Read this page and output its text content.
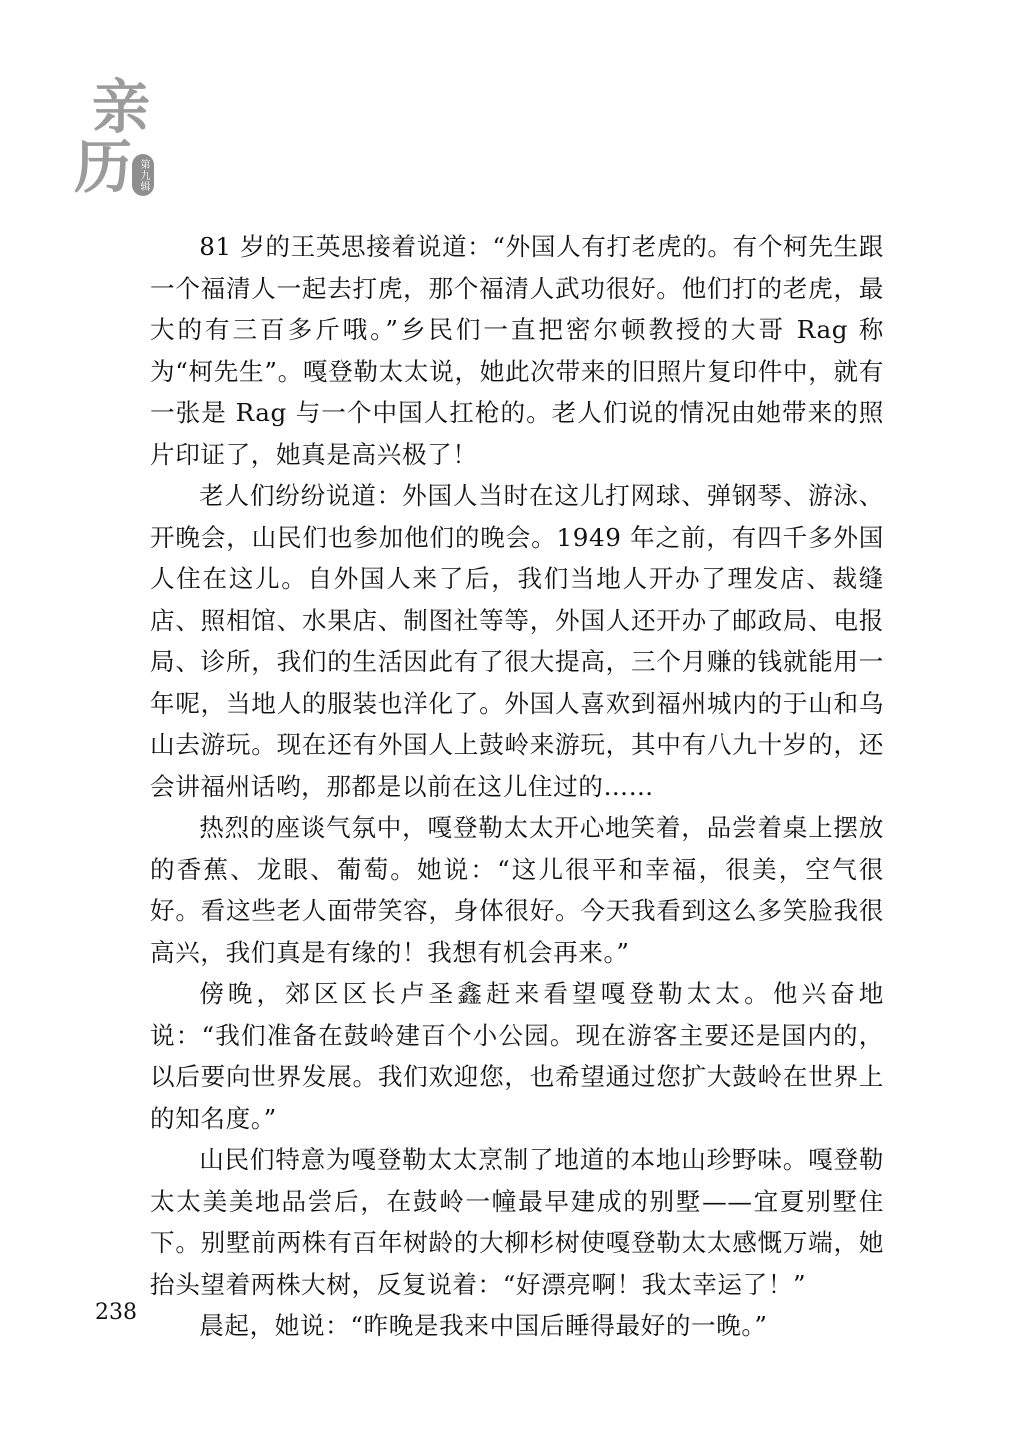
亲
历 第九辑

81 岁的王英思接着说道：“外国人有打老虎的。有个柯先生跟一个福清人一起去打虎，那个福清人武功很好。他们打的老虎，最大的有三百多斤哦。”乡民们一直把密尔顿教授的大哥 Rag 称为“柯先生”。嘎登勒太太说，她此次带来的旧照片复印件中，就有一张是 Rag 与一个中国人扛枪的。老人们说的情况由她带来的照片印证了，她真是高兴极了！

老人们纷纷说道：外国人当时在这儿打网球、弹钢琴、游泳、开晚会，山民们也参加他们的晚会。1949 年之前，有四千多外国人住在这儿。自外国人来了后，我们当地人开办了理发店、裁缝店、照相馆、水果店、制图社等等，外国人还开办了邮政局、电报局、诊所，我们的生活因此有了很大提高，三个月赚的钱就能用一年呢，当地人的服装也洋化了。外国人喜欢到福州城内的于山和乌山去游玩。现在还有外国人上鼓岭来游玩，其中有八九十岁的，还会讲福州话哟，那都是以前在这儿住过的……

热烈的座谈气氛中，嘎登勒太太开心地笑着，品尝着桌上摆放的香蕉、龙眼、葡萄。她说：“这儿很平和幸福，很美，空气很好。看这些老人面带笑容，身体很好。今天我看到这么多笑脸我很高兴，我们真是有缘的！我想有机会再来。”

傍晚，郊区区长卢圣鑫赶来看望嘎登勒太太。他兴奋地说：“我们准备在鼓岭建百个小公园。现在游客主要还是国内的，以后要向世界发展。我们欢迎您，也希望通过您扩大鼓岭在世界上的知名度。”

山民们特意为嘎登勒太太烹制了地道的本地山珍野味。嘎登勒太太美美地品尝后，在鼓岭一幢最早建成的别墅——宜夏别墅住下。别墅前两株有百年树龄的大柳杉树使嘎登勒太太感慨万端，她抬头望着两株大树，反复说着：“好漂亮啊！我太幸运了！”

晨起，她说：“昨晚是我来中国后睡得最好的一晚。”

238
